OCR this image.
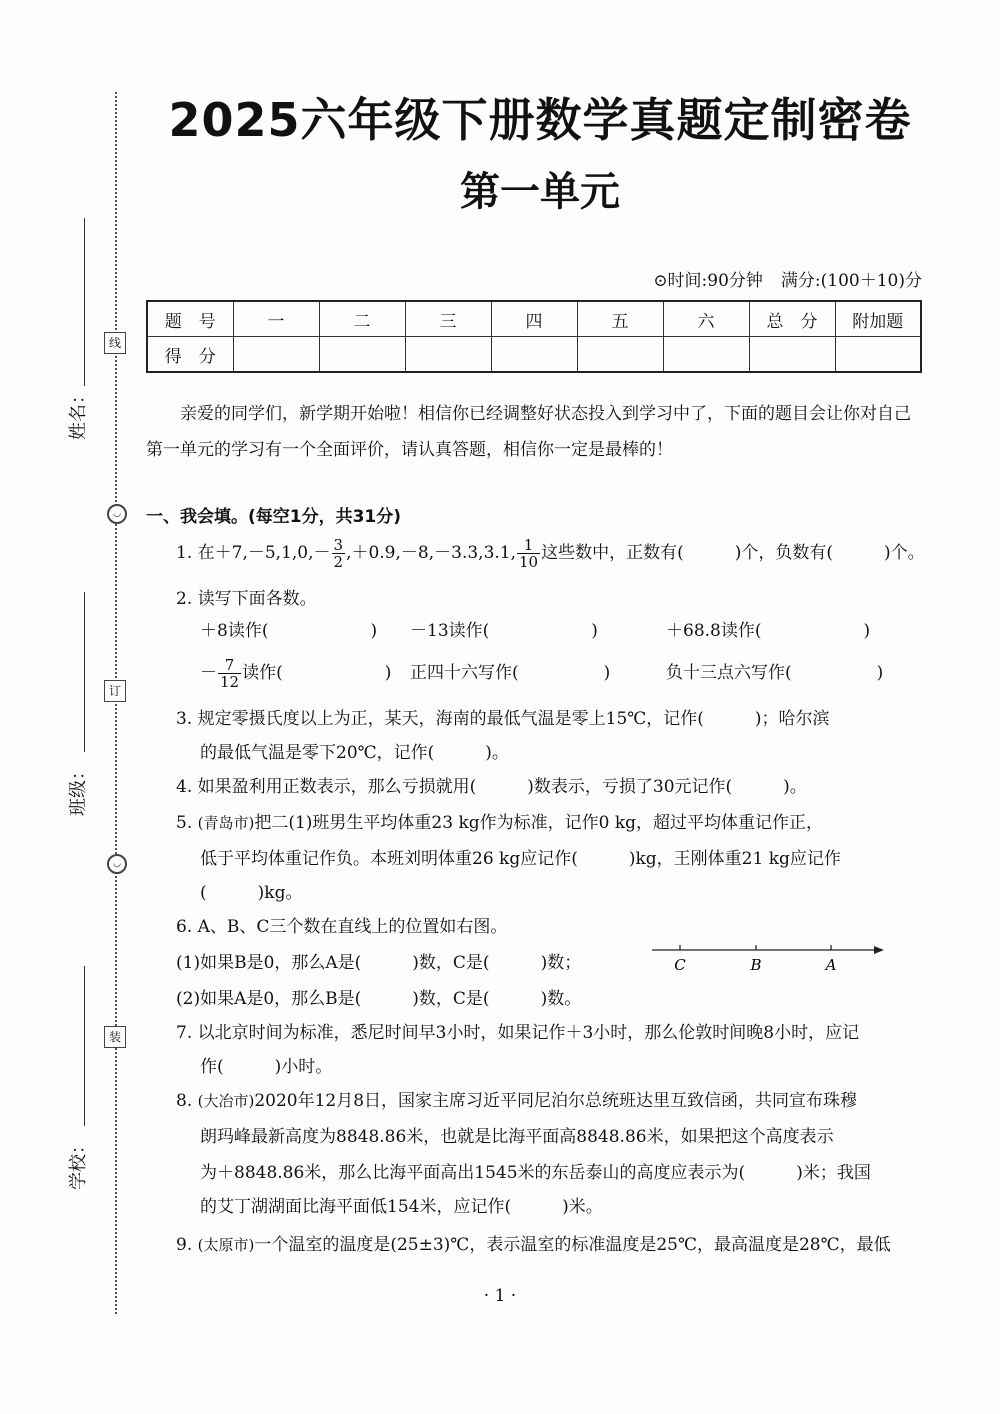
线
◡
订
◡
装
姓名：
班级：
学校：
2025六年级下册数学真题定制密卷
第一单元
⊙时间:90分钟 满分:(100＋10)分
题　号	一	二	三	四	五	六	总　分	附加题
得　分								
亲爱的同学们，新学期开始啦！相信你已经调整好状态投入到学习中了，下面的题目会让你对自己第一单元的学习有一个全面评价，请认真答题，相信你一定是最棒的！
一、我会填。(每空1分，共31分)
1. 在$+7,-5,1,0,- \frac{3}{2} ,+0.9,-8,-3.3,3.1$, $\frac{1}{10}$ 这些数中，正数有(　　　)个，负数有(　　　)个。
2. 读写下面各数。
＋8读作(　　　　　　) －13读作(　　　　　　)	＋68.8读作(　　　　　　)
－ $\frac{7}{12}$ 读作(　　　　　　) 正四十六写作(　　　　　)	负十三点六写作(　　　　　)
3. 规定零摄氏度以上为正，某天，海南的最低气温是零上15℃，记作(　　　)；哈尔滨
的最低气温是零下20℃，记作(　　　)。
4. 如果盈利用正数表示，那么亏损就用(　　　)数表示，亏损了30元记作(　　　)。
5. (青岛市)把二(1)班男生平均体重23 kg作为标准，记作0 kg，超过平均体重记作正，
低于平均体重记作负。本班刘明体重26 kg应记作(　　　)kg，王刚体重21 kg应记作
(　　　)kg。
6. A、B、C三个数在直线上的位置如右图。
(1)如果B是0，那么A是(　　　)数，C是(　　　)数；
(2)如果A是0，那么B是(　　　)数，C是(　　　)数。
C	B	A
7. 以北京时间为标准，悉尼时间早3小时，如果记作＋3小时，那么伦敦时间晚8小时，应记
作(　　　)小时。
8. (大冶市)2020年12月8日，国家主席习近平同尼泊尔总统班达里互致信函，共同宣布珠穆
朗玛峰最新高度为8848.86米，也就是比海平面高8848.86米，如果把这个高度表示
为＋8848.86米，那么比海平面高出1545米的东岳泰山的高度应表示为(　　　)米；我国
的艾丁湖湖面比海平面低154米，应记作(　　　)米。
9. (太原市)一个温室的温度是(25±3)℃，表示温室的标准温度是25℃，最高温度是28℃，最低
· 1 ·
